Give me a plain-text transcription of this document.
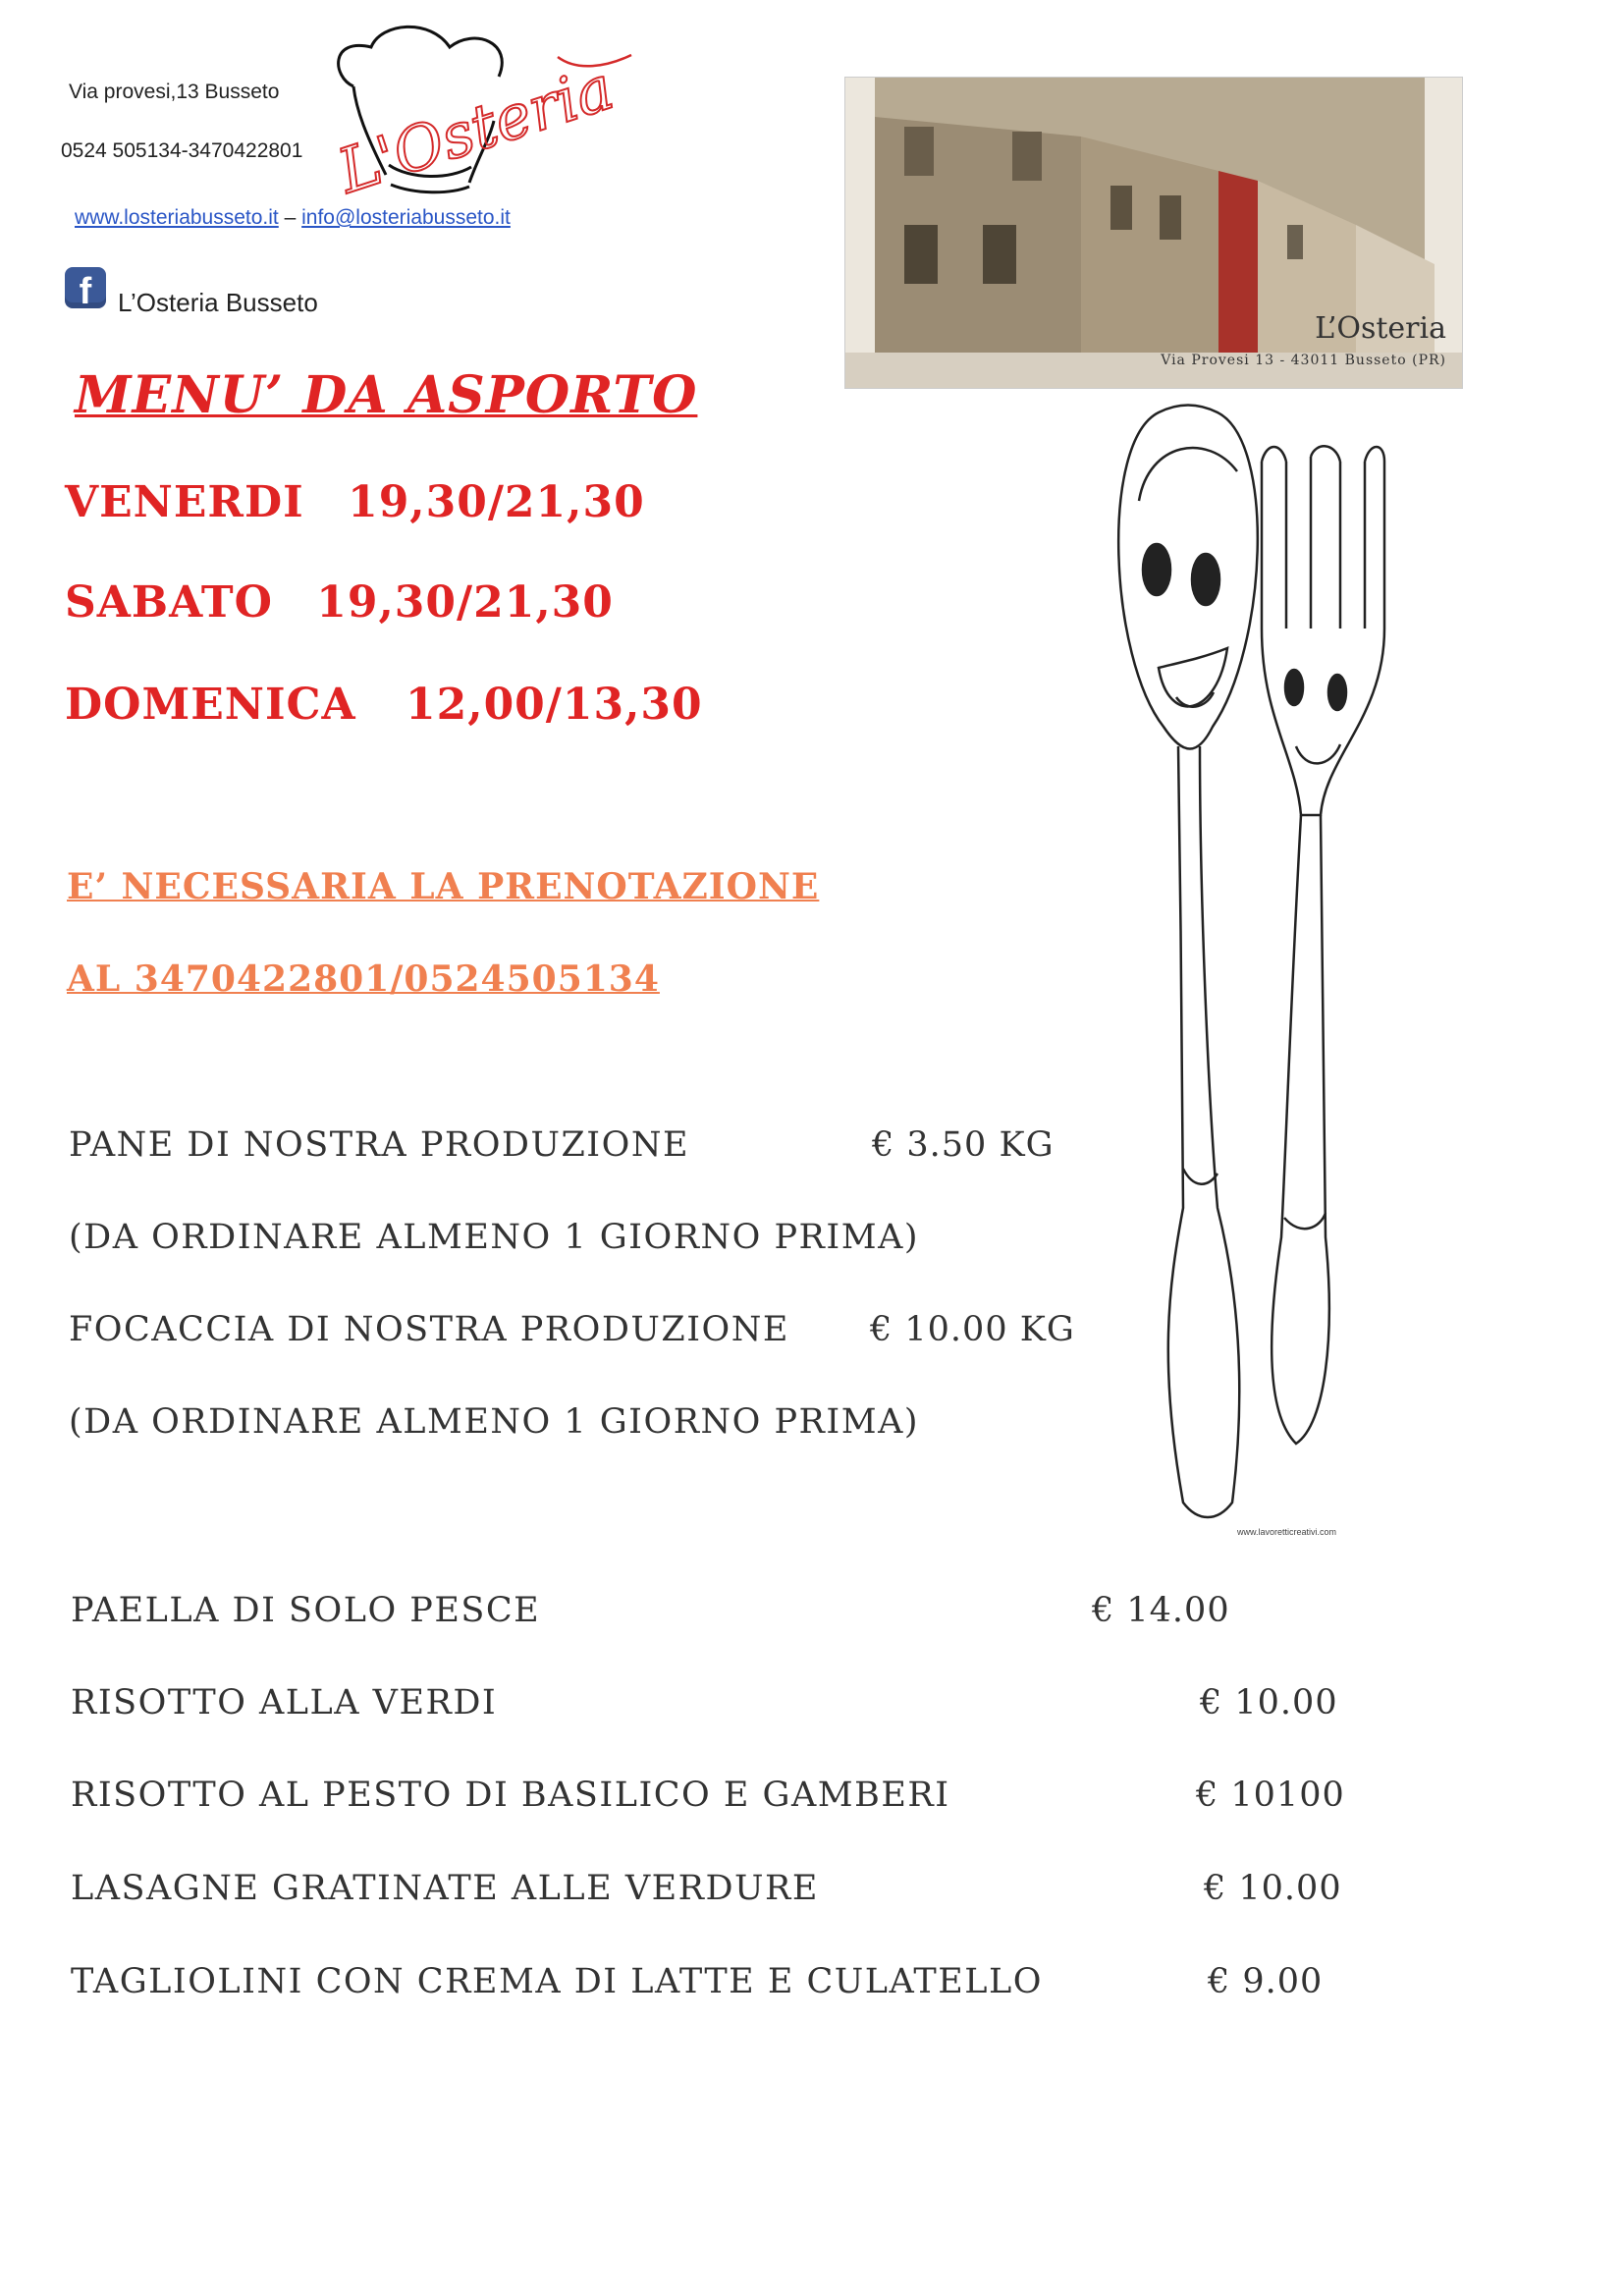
Via provesi,13 Busseto
0524 505134-3470422801
www.losteriabusseto.it – info@losteriabusseto.it
f	L’Osteria Busseto
L'Osteria
L’Osteria
Via Provesi 13 - 43011 Busseto (PR)
MENU’ DA ASPORTO
VENERDI 19,30/21,30
SABATO 19,30/21,30
DOMENICA 12,00/13,30
E’ NECESSARIA LA PRENOTAZIONE
AL 3470422801/0524505134
PANE DI NOSTRA PRODUZIONE	€ 3.50 KG
(DA ORDINARE ALMENO 1 GIORNO PRIMA)
FOCACCIA DI NOSTRA PRODUZIONE € 10.00 KG
(DA ORDINARE ALMENO 1 GIORNO PRIMA)
PAELLA DI SOLO PESCE	€ 14.00
RISOTTO ALLA VERDI	€ 10.00
RISOTTO AL PESTO DI BASILICO E GAMBERI	€ 10100
LASAGNE GRATINATE ALLE VERDURE	€ 10.00
TAGLIOLINI CON CREMA DI LATTE E CULATELLO	€ 9.00
www.lavoretticreativi.com
